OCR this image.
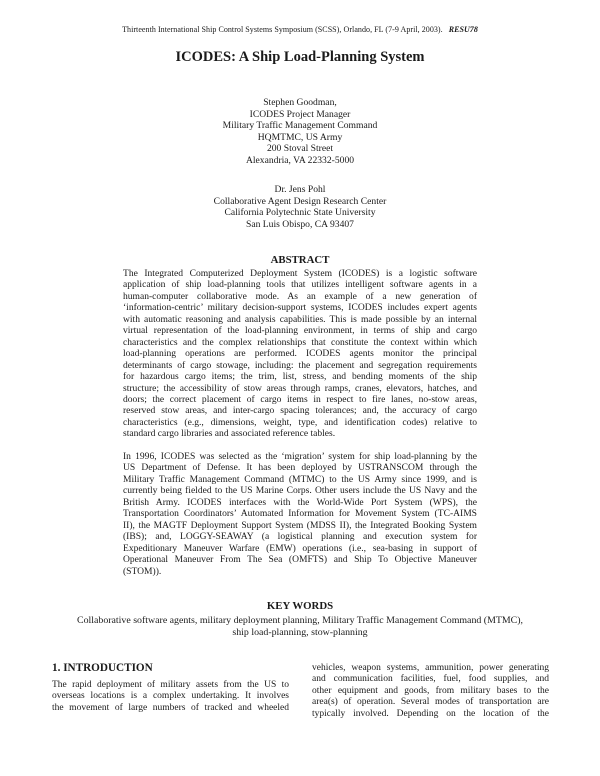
Thirteenth International Ship Control Systems Symposium (SCSS), Orlando, FL (7-9 April, 2003). RESU78
ICODES: A Ship Load-Planning System
Stephen Goodman,
ICODES Project Manager
Military Traffic Management Command
HQMTMC, US Army
200 Stoval Street
Alexandria, VA 22332-5000
Dr. Jens Pohl
Collaborative Agent Design Research Center
California Polytechnic State University
San Luis Obispo, CA 93407
ABSTRACT

The Integrated Computerized Deployment System (ICODES) is a logistic software
application of ship load-planning tools that utilizes intelligent software agents in a
human-computer collaborative mode. As an example of a new generation of
‘information-centric’ military decision-support systems, ICODES includes expert agents
with automatic reasoning and analysis capabilities. This is made possible by an internal
virtual representation of the load-planning environment, in terms of ship and cargo
characteristics and the complex relationships that constitute the context within which
load-planning operations are performed. ICODES agents monitor the principal
determinants of cargo stowage, including: the placement and segregation requirements
for hazardous cargo items; the trim, list, stress, and bending moments of the ship
structure; the accessibility of stow areas through ramps, cranes, elevators, hatches, and
doors; the correct placement of cargo items in respect to fire lanes, no-stow areas,
reserved stow areas, and inter-cargo spacing tolerances; and, the accuracy of cargo
characteristics (e.g., dimensions, weight, type, and identification codes) relative to
standard cargo libraries and associated reference tables.

In 1996, ICODES was selected as the ‘migration’ system for ship load-planning by the
US Department of Defense. It has been deployed by USTRANSCOM through the
Military Traffic Management Command (MTMC) to the US Army since 1999, and is
currently being fielded to the US Marine Corps. Other users include the US Navy and the
British Army. ICODES interfaces with the World-Wide Port System (WPS), the
Transportation Coordinators’ Automated Information for Movement System (TC-AIMS
II), the MAGTF Deployment Support System (MDSS II), the Integrated Booking System
(IBS); and, LOGGY-SEAWAY (a logistical planning and execution system for
Expeditionary Maneuver Warfare (EMW) operations (i.e., sea-basing in support of
Operational Maneuver From The Sea (OMFTS) and Ship To Objective Maneuver
(STOM)).

KEY WORDS
Collaborative software agents, military deployment planning, Military Traffic Management Command (MTMC),
ship load-planning, stow-planning
1. INTRODUCTION

The rapid deployment of military assets from the US to
overseas locations is a complex undertaking. It involves
the movement of large numbers of tracked and wheeled

vehicles, weapon systems, ammunition, power generating
and communication facilities, fuel, food supplies, and
other equipment and goods, from military bases to the
area(s) of operation. Several modes of transportation are
typically involved. Depending on the location of the
